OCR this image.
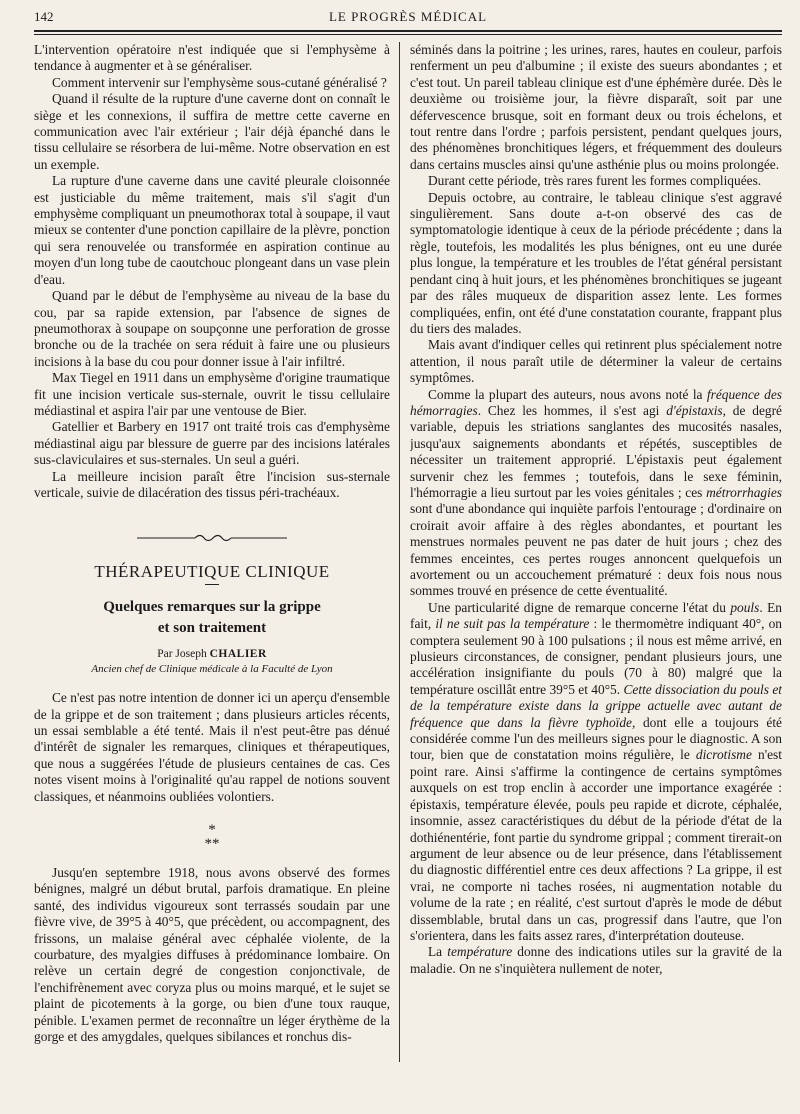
142	LE PROGRÈS MÉDICAL

L'intervention opératoire n'est indiquée que si l'emphysème à tendance à augmenter et à se généraliser.

Comment intervenir sur l'emphysème sous-cutané généralisé ?

Quand il résulte de la rupture d'une caverne dont on connaît le siège et les connexions, il suffira de mettre cette caverne en communication avec l'air extérieur ; l'air déjà épanché dans le tissu cellulaire se résorbera de lui-même. Notre observation en est un exemple.

La rupture d'une caverne dans une cavité pleurale cloisonnée est justiciable du même traitement, mais s'il s'agit d'un emphysème compliquant un pneumothorax total à soupape, il vaut mieux se contenter d'une ponction capillaire de la plèvre, ponction qui sera renouvelée ou transformée en aspiration continue au moyen d'un long tube de caoutchouc plongeant dans un vase plein d'eau.

Quand par le début de l'emphysème au niveau de la base du cou, par sa rapide extension, par l'absence de signes de pneumothorax à soupape on soupçonne une perforation de grosse bronche ou de la trachée on sera réduit à faire une ou plusieurs incisions à la base du cou pour donner issue à l'air infiltré.

Max Tiegel en 1911 dans un emphysème d'origine traumatique fit une incision verticale sus-sternale, ouvrit le tissu cellulaire médiastinal et aspira l'air par une ventouse de Bier.

Gatellier et Barbery en 1917 ont traité trois cas d'emphysème médiastinal aigu par blessure de guerre par des incisions latérales sus-claviculaires et sus-sternales. Un seul a guéri.

La meilleure incision paraît être l'incision sus-sternale verticale, suivie de dilacération des tissus péri-trachéaux.

THÉRAPEUTIQUE CLINIQUE
Quelques remarques sur la grippe
et son traitement
Par Joseph CHALIER
Ancien chef de Clinique médicale à la Faculté de Lyon

Ce n'est pas notre intention de donner ici un aperçu d'ensemble de la grippe et de son traitement ; dans plusieurs articles récents, un essai semblable a été tenté. Mais il n'est peut-être pas dénué d'intérêt de signaler les remarques, cliniques et thérapeutiques, que nous a suggérées l'étude de plusieurs centaines de cas. Ces notes visent moins à l'originalité qu'au rappel de notions souvent classiques, et néanmoins oubliées volontiers.

*
**

Jusqu'en septembre 1918, nous avons observé des formes bénignes, malgré un début brutal, parfois dramatique. En pleine santé, des individus vigoureux sont terrassés soudain par une fièvre vive, de 39°5 à 40°5, que précèdent, ou accompagnent, des frissons, un malaise général avec céphalée violente, de la courbature, des myalgies diffuses à prédominance lombaire. On relève un certain degré de congestion conjonctivale, de l'enchifrènement avec coryza plus ou moins marqué, et le sujet se plaint de picotements à la gorge, ou bien d'une toux rauque, pénible. L'examen permet de reconnaître un léger érythème de la gorge et des amygdales, quelques sibilances et ronchus dis-

séminés dans la poitrine ; les urines, rares, hautes en couleur, parfois renferment un peu d'albumine ; il existe des sueurs abondantes ; et c'est tout. Un pareil tableau clinique est d'une éphémère durée. Dès le deuxième ou troisième jour, la fièvre disparaît, soit par une défervescence brusque, soit en formant deux ou trois échelons, et tout rentre dans l'ordre ; parfois persistent, pendant quelques jours, des phénomènes bronchitiques légers, et fréquemment des douleurs dans certains muscles ainsi qu'une asthénie plus ou moins prolongée.

Durant cette période, très rares furent les formes compliquées.

Depuis octobre, au contraire, le tableau clinique s'est aggravé singulièrement. Sans doute a-t-on observé des cas de symptomatologie identique à ceux de la période précédente ; dans la règle, toutefois, les modalités les plus bénignes, ont eu une durée plus longue, la température et les troubles de l'état général persistant pendant cinq à huit jours, et les phénomènes bronchitiques se jugeant par des râles muqueux de disparition assez lente. Les formes compliquées, enfin, ont été d'une constatation courante, frappant plus du tiers des malades.

Mais avant d'indiquer celles qui retinrent plus spécialement notre attention, il nous paraît utile de déterminer la valeur de certains symptômes.

Comme la plupart des auteurs, nous avons noté la fréquence des hémorragies. Chez les hommes, il s'est agi d'épistaxis, de degré variable, depuis les striations sanglantes des mucosités nasales, jusqu'aux saignements abondants et répétés, susceptibles de nécessiter un traitement approprié. L'épistaxis peut également survenir chez les femmes ; toutefois, dans le sexe féminin, l'hémorragie a lieu surtout par les voies génitales ; ces métrorrhagies sont d'une abondance qui inquiète parfois l'entourage ; d'ordinaire on croirait avoir affaire à des règles abondantes, et pourtant les menstrues normales peuvent ne pas dater de huit jours ; chez des femmes enceintes, ces pertes rouges annoncent quelquefois un avortement ou un accouchement prématuré : deux fois nous nous sommes trouvé en présence de cette éventualité.

Une particularité digne de remarque concerne l'état du pouls. En fait, il ne suit pas la température : le thermomètre indiquant 40°, on comptera seulement 90 à 100 pulsations ; il nous est même arrivé, en plusieurs circonstances, de consigner, pendant plusieurs jours, une accélération insignifiante du pouls (70 à 80) malgré que la température oscillât entre 39°5 et 40°5. Cette dissociation du pouls et de la température existe dans la grippe actuelle avec autant de fréquence que dans la fièvre typhoïde, dont elle a toujours été considérée comme l'un des meilleurs signes pour le diagnostic. A son tour, bien que de constatation moins régulière, le dicrotisme n'est point rare. Ainsi s'affirme la contingence de certains symptômes auxquels on est trop enclin à accorder une importance exagérée : épistaxis, température élevée, pouls peu rapide et dicrote, céphalée, insomnie, assez caractéristiques du début de la période d'état de la dothiénentérie, font partie du syndrome grippal ; comment tirerait-on argument de leur absence ou de leur présence, dans l'établissement du diagnostic différentiel entre ces deux affections ? La grippe, il est vrai, ne comporte ni taches rosées, ni augmentation notable du volume de la rate ; en réalité, c'est surtout d'après le mode de début dissemblable, brutal dans un cas, progressif dans l'autre, que l'on s'orientera, dans les faits assez rares, d'interprétation douteuse.

La température donne des indications utiles sur la gravité de la maladie. On ne s'inquiètera nullement de noter,
